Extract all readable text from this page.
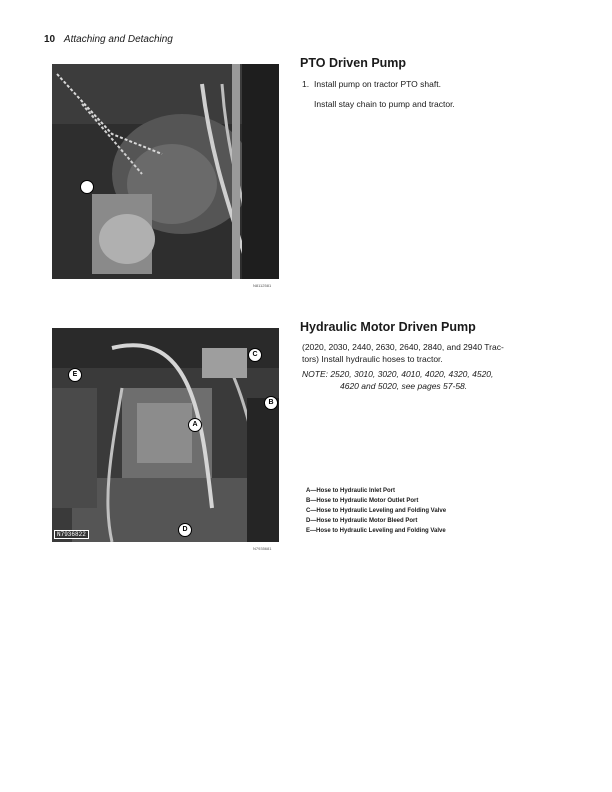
10 Attaching and Detaching
N8112581
PTO Driven Pump
1. Install pump on tractor PTO shaft.
Install stay chain to pump and tractor.
C
E
B
A
D
N7936822
N7935681
Hydraulic Motor Driven Pump
(2020, 2030, 2440, 2630, 2640, 2840, and 2940 Trac-
tors) Install hydraulic hoses to tractor.
NOTE: 2520, 3010, 3020, 4010, 4020, 4320, 4520,
4620 and 5020, see pages 57-58.
A—Hose to Hydraulic Inlet Port
B—Hose to Hydraulic Motor Outlet Port
C—Hose to Hydraulic Leveling and Folding Valve
D—Hose to Hydraulic Motor Bleed Port
E—Hose to Hydraulic Leveling and Folding Valve
